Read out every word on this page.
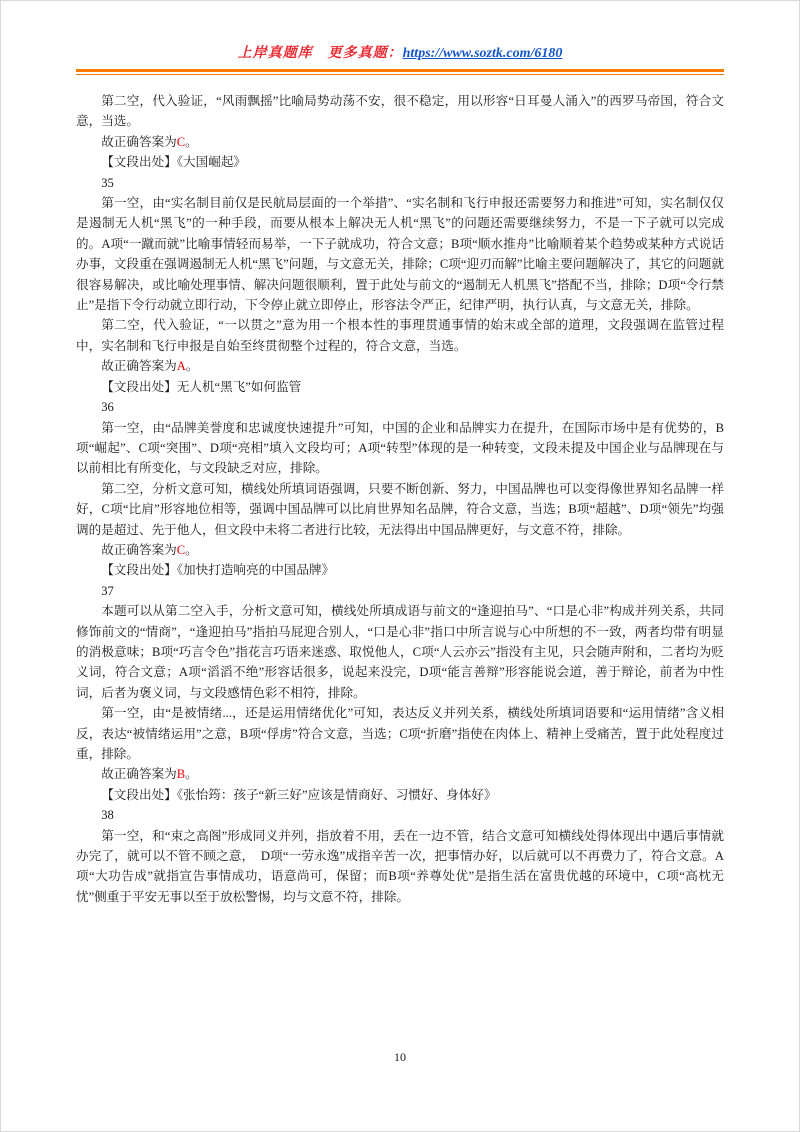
上岸真题库　更多真题：https://www.soztk.com/6180

第二空，代入验证，“风雨飘摇”比喻局势动荡不安，很不稳定，用以形容“日耳曼人涌入”的西罗马帝国，符合文意，当选。

故正确答案为C。

【文段出处】《大国崛起》

35

第一空，由“实名制目前仅是民航局层面的一个举措”、“实名制和飞行申报还需要努力和推进”可知，实名制仅仅是遏制无人机“黑飞”的一种手段，而要从根本上解决无人机“黑飞”的问题还需要继续努力，不是一下子就可以完成的。A项“一蹴而就”比喻事情轻而易举，一下子就成功，符合文意；B项“顺水推舟”比喻顺着某个趋势或某种方式说话办事，文段重在强调遏制无人机“黑飞”问题，与文意无关，排除；C项“迎刃而解”比喻主要问题解决了，其它的问题就很容易解决，或比喻处理事情、解决问题很顺利，置于此处与前文的“遏制无人机黑飞”搭配不当，排除；D项“令行禁止”是指下令行动就立即行动，下令停止就立即停止，形容法令严正，纪律严明，执行认真，与文意无关，排除。

第二空，代入验证，“一以贯之”意为用一个根本性的事理贯通事情的始末或全部的道理，文段强调在监管过程中，实名制和飞行申报是自始至终贯彻整个过程的，符合文意，当选。

故正确答案为A。

【文段出处】无人机“黑飞”如何监管

36

第一空，由“品牌美誉度和忠诚度快速提升”可知，中国的企业和品牌实力在提升，在国际市场中是有优势的，B项“崛起”、C项“突围”、D项“亮相”填入文段均可；A项“转型”体现的是一种转变，文段未提及中国企业与品牌现在与以前相比有所变化，与文段缺乏对应，排除。

第二空，分析文意可知，横线处所填词语强调，只要不断创新、努力，中国品牌也可以变得像世界知名品牌一样好，C项“比肩”形容地位相等，强调中国品牌可以比肩世界知名品牌，符合文意，当选；B项“超越”、D项“领先”均强调的是超过、先于他人，但文段中未将二者进行比较，无法得出中国品牌更好，与文意不符，排除。

故正确答案为C。

【文段出处】《加快打造响亮的中国品牌》

37

本题可以从第二空入手，分析文意可知，横线处所填成语与前文的“逢迎拍马”、“口是心非”构成并列关系，共同修饰前文的“情商”，“逢迎拍马”指拍马屁迎合别人，“口是心非”指口中所言说与心中所想的不一致，两者均带有明显的消极意味；B项“巧言令色”指花言巧语来迷惑、取悦他人，C项“人云亦云”指没有主见，只会随声附和，二者均为贬义词，符合文意；A项“滔滔不绝”形容话很多，说起来没完，D项“能言善辩”形容能说会道，善于辩论，前者为中性词，后者为褒义词，与文段感情色彩不相符，排除。

第一空，由“是被情绪...，还是运用情绪优化”可知，表达反义并列关系，横线处所填词语要和“运用情绪”含义相反，表达“被情绪运用”之意，B项“俘虏”符合文意，当选；C项“折磨”指使在肉体上、精神上受痛苦，置于此处程度过重，排除。

故正确答案为B。

【文段出处】《张怡筠：孩子“新三好”应该是情商好、习惯好、身体好》

38

第一空，和“束之高阁”形成同义并列，指放着不用，丢在一边不管，结合文意可知横线处得体现出中遇后事情就办完了，就可以不管不顾之意，　D项“一劳永逸”成指辛苦一次，把事情办好，以后就可以不再费力了，符合文意。A项“大功告成”就指宣告事情成功，语意尚可，保留；而B项“养尊处优”是指生活在富贵优越的环境中，C项“高枕无忧”侧重于平安无事以至于放松警惕，均与文意不符，排除。

10
